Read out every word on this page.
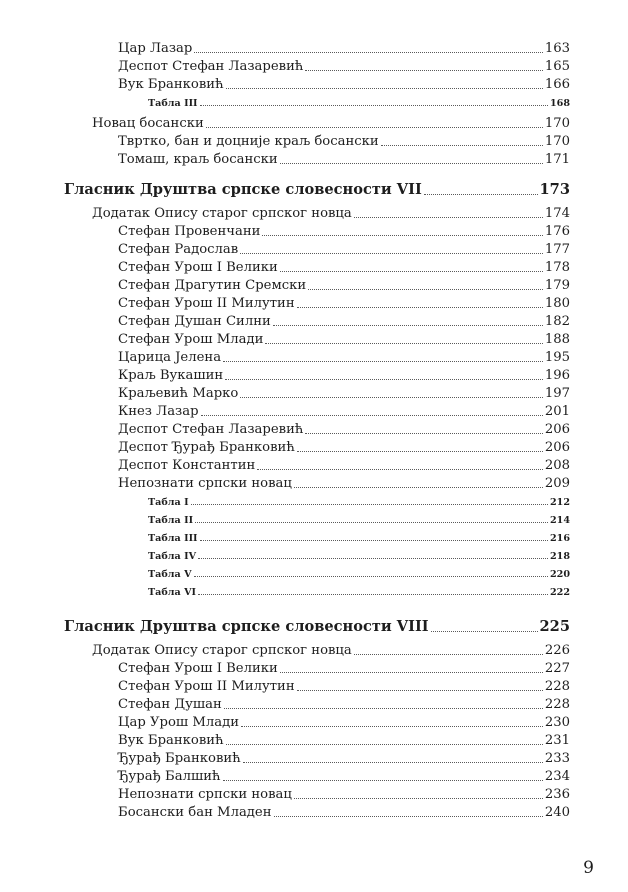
Цар Лазар	163
Деспот Стефан Лазаревић	165
Вук Бранковић	166
Табла III	168
Новац босански	170
Твртко, бан и доцније краљ босански	170
Томаш, краљ босански	171
Гласник Друштва српске словесности VII	173
Додатак Опису старог српског новца	174
Стефан Провенчани	176
Стефан Радослав	177
Стефан Урош I Велики	178
Стефан Драгутин Сремски	179
Стефан Урош II Милутин	180
Стефан Душан Силни	182
Стефан Урош Млади	188
Царица Јелена	195
Краљ Вукашин	196
Краљевић Марко	197
Кнез Лазар	201
Деспот Стефан Лазаревић	206
Деспот Ђурађ Бранковић	206
Деспот Константин	208
Непознати српски новац	209
Табла I	212
Табла II	214
Табла III	216
Табла IV	218
Табла V	220
Табла VI	222
Гласник Друштва српске словесности VIII	225
Додатак Опису старог српског новца	226
Стефан Урош I Велики	227
Стефан Урош II Милутин	228
Стефан Душан	228
Цар Урош Млади	230
Вук Бранковић	231
Ђурађ Бранковић	233
Ђурађ Балшић	234
Непознати српски новац	236
Босански бан Младен	240
9
